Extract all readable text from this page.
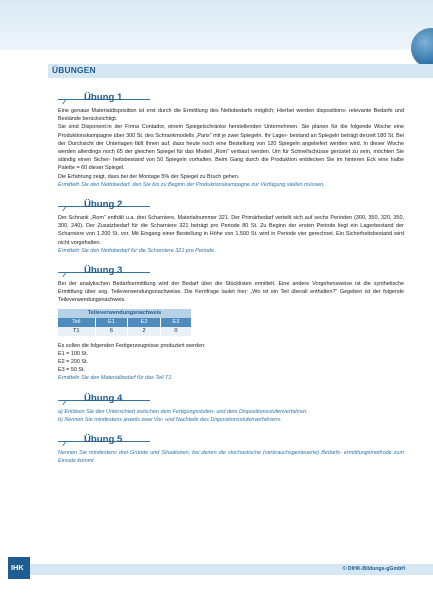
ÜBUNGEN
Übung 1

Eine genaue Materialdisposition ist erst durch die Ermittlung des Nettobedarfs möglich; Hierbei werden dispositions- relevante Bedarfe und Bestände berücksichtigt.

Sie sind Disponent:in der Firma Contador, einem Spiegelschränke herstellenden Unternehmen. Sie planen für die folgende Woche eine Produktionskampagne über 300 St. des Schrankmodells „Paris“ mit je zwei Spiegeln. Ihr Lager- bestand an Spiegeln beträgt derzeit 180 St. Bei der Durchsicht der Unterlagen fällt Ihnen auf, dass heute noch eine Bestellung von 120 Spiegeln angeliefert werden wird. In dieser Woche werden allerdings noch 65 der gleichen Spiegel für das Modell „Rom“ verbaut werden. Um für Schnellschüsse gerüstet zu sein, möchten Sie ständig einen Sicher- heitsbestand von 50 Spiegeln vorhalten. Beim Gang durch die Produktion entdecken Sie im hinteren Eck eine halbe Palette = 60 dieser Spiegel.

Die Erfahrung zeigt, dass bei der Montage 5% der Spiegel zu Bruch gehen.

Ermitteln Sie den Nettobedarf, den Sie bis zu Beginn der Produktionskampagne zur Verfügung stellen müssen.

Übung 2

Der Schrank „Rom“ enthält u.a. drei Scharniere, Materialnummer 321. Der Primärbedarf verteilt sich auf sechs Perioden (300, 350, 320, 350, 300, 240). Der Zusatzbedarf für die Scharniere 321 beträgt pro Periode 80 St. Zu Beginn der ersten Periode liegt ein Lagerbestand der Scharniere von 1.200 St. vor. Mit Eingang einer Bestellung in Höhe von 1.500 St. wird in Periode vier gerechnet. Ein Sicherheitsbestand wird nicht vorgehalten.

Ermitteln Sie den Nettobedarf für die Scharniere 321 pro Periode.

Übung 3

Bei der analytischen Bedarfsermittlung wird der Bedarf über die Stücklisten ermittelt. Eine andere Vorgehensweise ist die synthetische Ermittlung über sog. Teileverwendungsnachweise. Die Kernfrage lautet hier: „Wo ist ein Teil überall enthalten?“ Gegeben ist der folgende Teileverwendungsnachweis.

Teileverwendungsnachweis			
Teil	E1	E2	E3
T1	6	2	0

Es sollen die folgenden Fertigerzeugnisse produziert werden:

E1 = 100 St.

E2 = 200 St.

E3 = 50 St.

Ermitteln Sie den Materialbedarf für das Teil T1.

Übung 4

a) Erklären Sie den Unterschied zwischen dem Fertigungsstufen- und dem Dispositionsstufenverfahren.

b) Nennen Sie mindestens jeweils zwei Vor- und Nachteile des Dispositionsstufenverfahrens.

Übung 5

Nennen Sie mindestens drei Gründe und Situationen, bei denen die stochastische (verbrauchsgesteuerte) Bedarfs- ermittlungsmethode zum Einsatz kommt.

IHK	© DIHK-Bildungs-gGmbH
